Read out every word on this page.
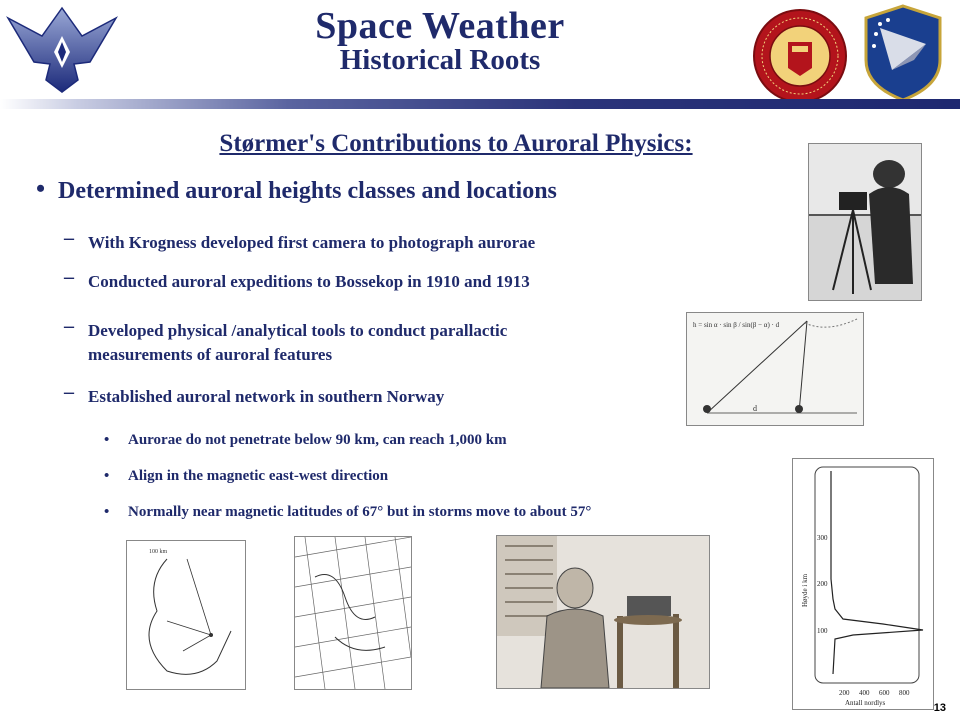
Space Weather
Historical Roots
Størmer's Contributions to Auroral Physics:
• Determined auroral heights classes and locations
– With Krogness developed first camera to photograph aurorae
– Conducted auroral expeditions to Bossekop in 1910 and 1913
– Developed physical /analytical tools to conduct parallactic
measurements of auroral features
– Established auroral network in southern Norway
• Aurorae do not penetrate below 90 km, can reach 1,000 km
• Align in the magnetic east-west direction
• Normally near magnetic latitudes of 67° but in storms move to about 57°
h = sin α · sin β / sin(β − α) · d
d
Høyde i km
300
200
100
200 400 600 800
Antall nordlys
100 km
13
